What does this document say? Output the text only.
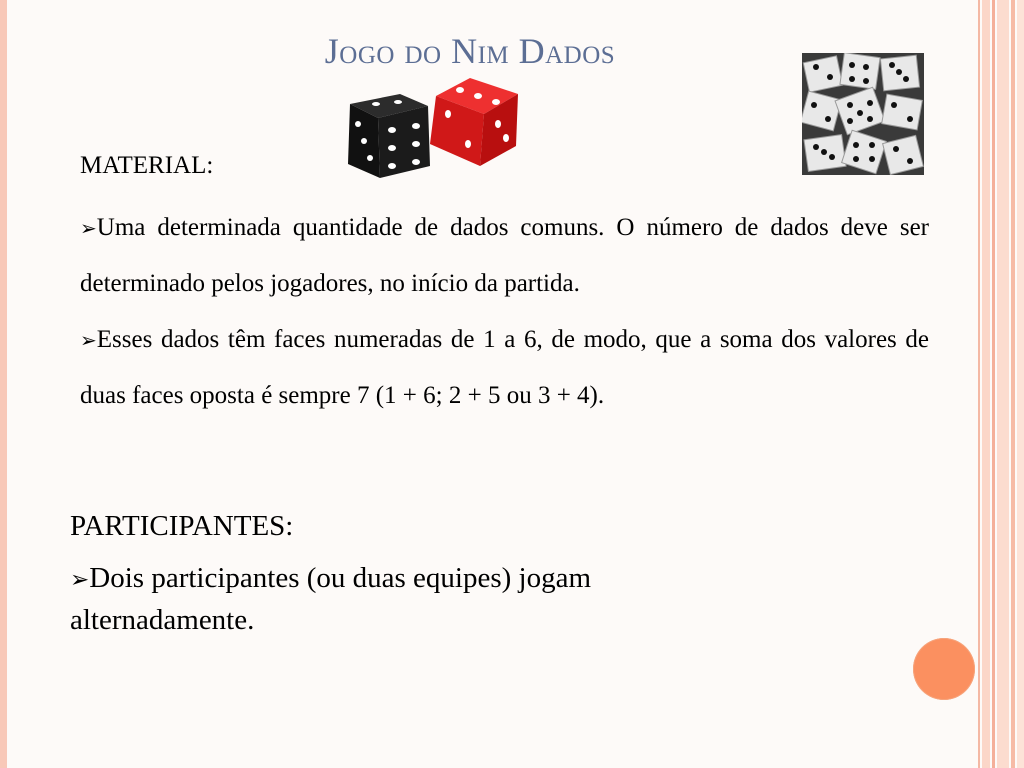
Jogo do Nim Dados
MATERIAL:

➢Uma determinada quantidade de dados comuns. O número de dados deve ser determinado pelos jogadores, no início da partida.

➢Esses dados têm faces numeradas de 1 a 6, de modo, que a soma dos valores de duas faces oposta é sempre 7 (1 + 6; 2 + 5 ou 3 + 4).

PARTICIPANTES:

➢Dois participantes (ou duas equipes) jogam alternadamente.
